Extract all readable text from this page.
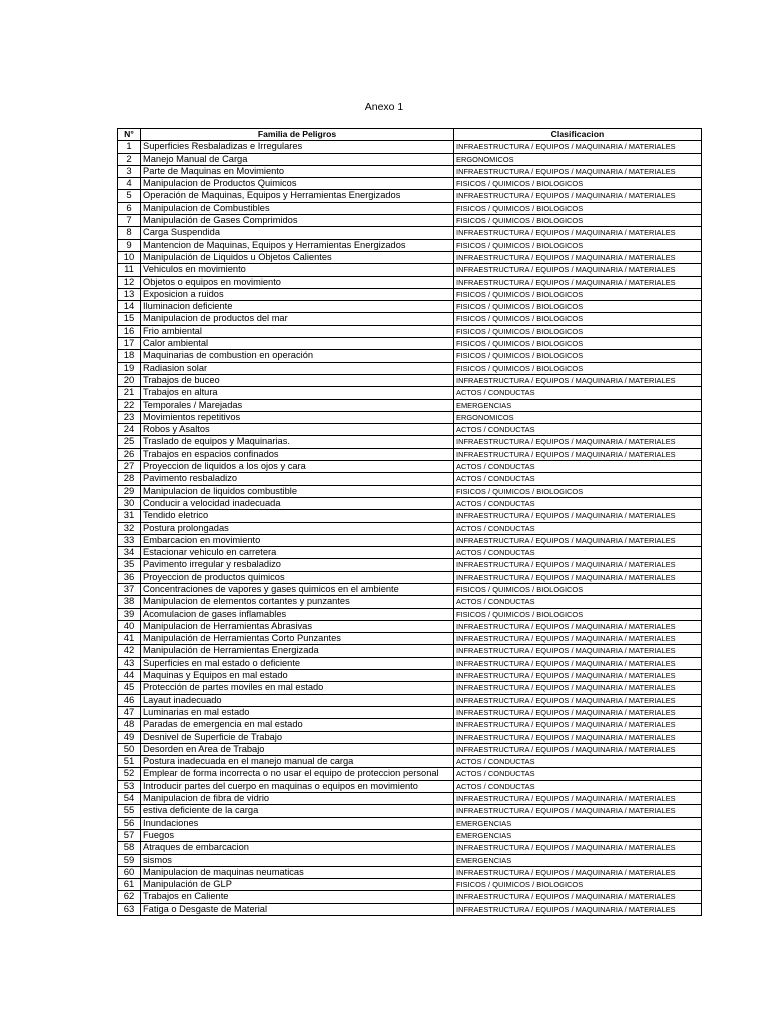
Anexo 1
N°	Familia de Peligros	Clasificacion
1	Superficies Resbaladizas e Irregulares	INFRAESTRUCTURA / EQUIPOS / MAQUINARIA / MATERIALES
2	Manejo Manual de Carga	ERGONOMICOS
3	Parte de Maquinas en Movimiento	INFRAESTRUCTURA / EQUIPOS / MAQUINARIA / MATERIALES
4	Manipulacion de Productos Quimicos	FISICOS / QUIMICOS / BIOLOGICOS
5	Operación de Maquinas, Equipos y Herramientas Energizados	INFRAESTRUCTURA / EQUIPOS / MAQUINARIA / MATERIALES
6	Manipulacion de Combustibles	FISICOS / QUIMICOS / BIOLOGICOS
7	Manipulación de Gases Comprimidos	FISICOS / QUIMICOS / BIOLOGICOS
8	Carga Suspendida	INFRAESTRUCTURA / EQUIPOS / MAQUINARIA / MATERIALES
9	Mantencion de Maquinas, Equipos y Herramientas Energizados	FISICOS / QUIMICOS / BIOLOGICOS
10	Manipulación de Liquidos u Objetos Calientes	INFRAESTRUCTURA / EQUIPOS / MAQUINARIA / MATERIALES
11	Vehiculos en movimiento	INFRAESTRUCTURA / EQUIPOS / MAQUINARIA / MATERIALES
12	Objetos o equipos en movimiento	INFRAESTRUCTURA / EQUIPOS / MAQUINARIA / MATERIALES
13	Exposicion a ruidos	FISICOS / QUIMICOS / BIOLOGICOS
14	Iluminacion deficiente	FISICOS / QUIMICOS / BIOLOGICOS
15	Manipulacion de productos del mar	FISICOS / QUIMICOS / BIOLOGICOS
16	Frio ambiental	FISICOS / QUIMICOS / BIOLOGICOS
17	Calor ambiental	FISICOS / QUIMICOS / BIOLOGICOS
18	Maquinarias de combustion en operación	FISICOS / QUIMICOS / BIOLOGICOS
19	Radiasion solar	FISICOS / QUIMICOS / BIOLOGICOS
20	Trabajos de buceo	INFRAESTRUCTURA / EQUIPOS / MAQUINARIA / MATERIALES
21	Trabajos en altura	ACTOS / CONDUCTAS
22	Temporales / Marejadas	EMERGENCIAS
23	Movimientos repetitivos	ERGONOMICOS
24	Robos y Asaltos	ACTOS / CONDUCTAS
25	Traslado de equipos y Maquinarias.	INFRAESTRUCTURA / EQUIPOS / MAQUINARIA / MATERIALES
26	Trabajos en espacios confinados	INFRAESTRUCTURA / EQUIPOS / MAQUINARIA / MATERIALES
27	Proyeccion de liquidos a los ojos y cara	ACTOS / CONDUCTAS
28	Pavimento resbaladizo	ACTOS / CONDUCTAS
29	Manipulacion de liquidos combustible	FISICOS / QUIMICOS / BIOLOGICOS
30	Conducir a velocidad inadecuada	ACTOS / CONDUCTAS
31	Tendido eletrico	INFRAESTRUCTURA / EQUIPOS / MAQUINARIA / MATERIALES
32	Postura prolongadas	ACTOS / CONDUCTAS
33	Embarcacion en movimiento	INFRAESTRUCTURA / EQUIPOS / MAQUINARIA / MATERIALES
34	Estacionar vehiculo en carretera	ACTOS / CONDUCTAS
35	Pavimento irregular y resbaladizo	INFRAESTRUCTURA / EQUIPOS / MAQUINARIA / MATERIALES
36	Proyeccion de productos quimicos	INFRAESTRUCTURA / EQUIPOS / MAQUINARIA / MATERIALES
37	Concentraciones de vapores y gases quimicos en el ambiente	FISICOS / QUIMICOS / BIOLOGICOS
38	Manipulacion de elementos cortantes y punzantes	ACTOS / CONDUCTAS
39	Acomulacion de gases inflamables	FISICOS / QUIMICOS / BIOLOGICOS
40	Manipulacion de Herramientas Abrasivas	INFRAESTRUCTURA / EQUIPOS / MAQUINARIA / MATERIALES
41	Manipulación de Herramientas Corto Punzantes	INFRAESTRUCTURA / EQUIPOS / MAQUINARIA / MATERIALES
42	Manipulación de Herramientas Energizada	INFRAESTRUCTURA / EQUIPOS / MAQUINARIA / MATERIALES
43	Superficies en mal estado o deficiente	INFRAESTRUCTURA / EQUIPOS / MAQUINARIA / MATERIALES
44	Maquinas y Equipos en mal estado	INFRAESTRUCTURA / EQUIPOS / MAQUINARIA / MATERIALES
45	Protección de partes moviles en mal estado	INFRAESTRUCTURA / EQUIPOS / MAQUINARIA / MATERIALES
46	Layaut inadecuado	INFRAESTRUCTURA / EQUIPOS / MAQUINARIA / MATERIALES
47	Luminarias en mal estado	INFRAESTRUCTURA / EQUIPOS / MAQUINARIA / MATERIALES
48	Paradas de emergencia en mal estado	INFRAESTRUCTURA / EQUIPOS / MAQUINARIA / MATERIALES
49	Desnivel de Superficie de Trabajo	INFRAESTRUCTURA / EQUIPOS / MAQUINARIA / MATERIALES
50	Desorden en Area de Trabajo	INFRAESTRUCTURA / EQUIPOS / MAQUINARIA / MATERIALES
51	Postura inadecuada en el manejo manual de carga	ACTOS / CONDUCTAS
52	Emplear de forma incorrecta o no usar el equipo de proteccion personal	ACTOS / CONDUCTAS
53	Introducir partes del cuerpo en maquinas o equipos en movimiento	ACTOS / CONDUCTAS
54	Manipulacion de fibra de vidrio	INFRAESTRUCTURA / EQUIPOS / MAQUINARIA / MATERIALES
55	estiva deficiente de la carga	INFRAESTRUCTURA / EQUIPOS / MAQUINARIA / MATERIALES
56	Inundaciones	EMERGENCIAS
57	Fuegos	EMERGENCIAS
58	Atraques de embarcacion	INFRAESTRUCTURA / EQUIPOS / MAQUINARIA / MATERIALES
59	sismos	EMERGENCIAS
60	Manipulacion de maquinas neumaticas	INFRAESTRUCTURA / EQUIPOS / MAQUINARIA / MATERIALES
61	Manipulación de GLP	FISICOS / QUIMICOS / BIOLOGICOS
62	Trabajos en Caliente	INFRAESTRUCTURA / EQUIPOS / MAQUINARIA / MATERIALES
63	Fatiga o Desgaste de Material	INFRAESTRUCTURA / EQUIPOS / MAQUINARIA / MATERIALES
